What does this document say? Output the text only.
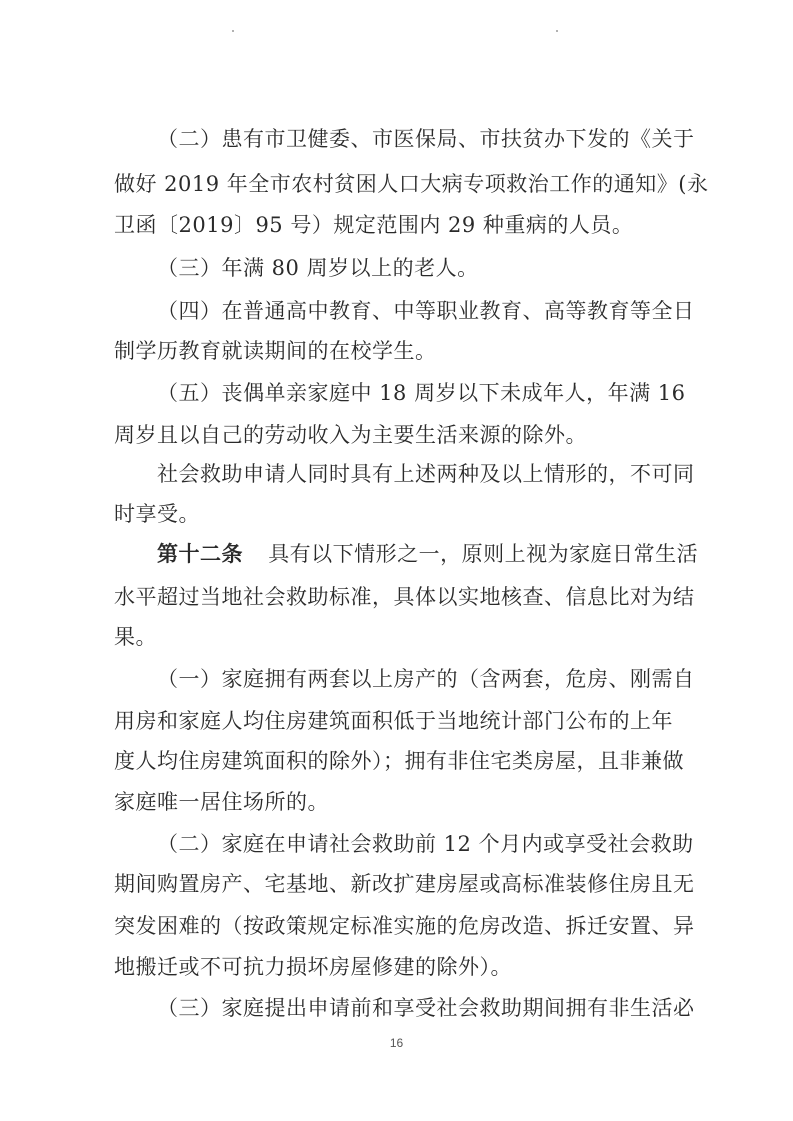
（二）患有市卫健委、市医保局、市扶贫办下发的《关于
做好 2019 年全市农村贫困人口大病专项救治工作的通知》(永
卫函〔2019〕95 号）规定范围内 29 种重病的人员。
（三）年满 80 周岁以上的老人。
（四）在普通高中教育、中等职业教育、高等教育等全日
制学历教育就读期间的在校学生。
（五）丧偶单亲家庭中 18 周岁以下未成年人，年满 16
周岁且以自己的劳动收入为主要生活来源的除外。
社会救助申请人同时具有上述两种及以上情形的，不可同
时享受。
第十二条 具有以下情形之一，原则上视为家庭日常生活
水平超过当地社会救助标准，具体以实地核查、信息比对为结
果。
（一）家庭拥有两套以上房产的（含两套，危房、刚需自
用房和家庭人均住房建筑面积低于当地统计部门公布的上年
度人均住房建筑面积的除外）；拥有非住宅类房屋，且非兼做
家庭唯一居住场所的。
（二）家庭在申请社会救助前 12 个月内或享受社会救助
期间购置房产、宅基地、新改扩建房屋或高标准装修住房且无
突发困难的（按政策规定标准实施的危房改造、拆迁安置、异
地搬迁或不可抗力损坏房屋修建的除外）。
（三）家庭提出申请前和享受社会救助期间拥有非生活必
16
